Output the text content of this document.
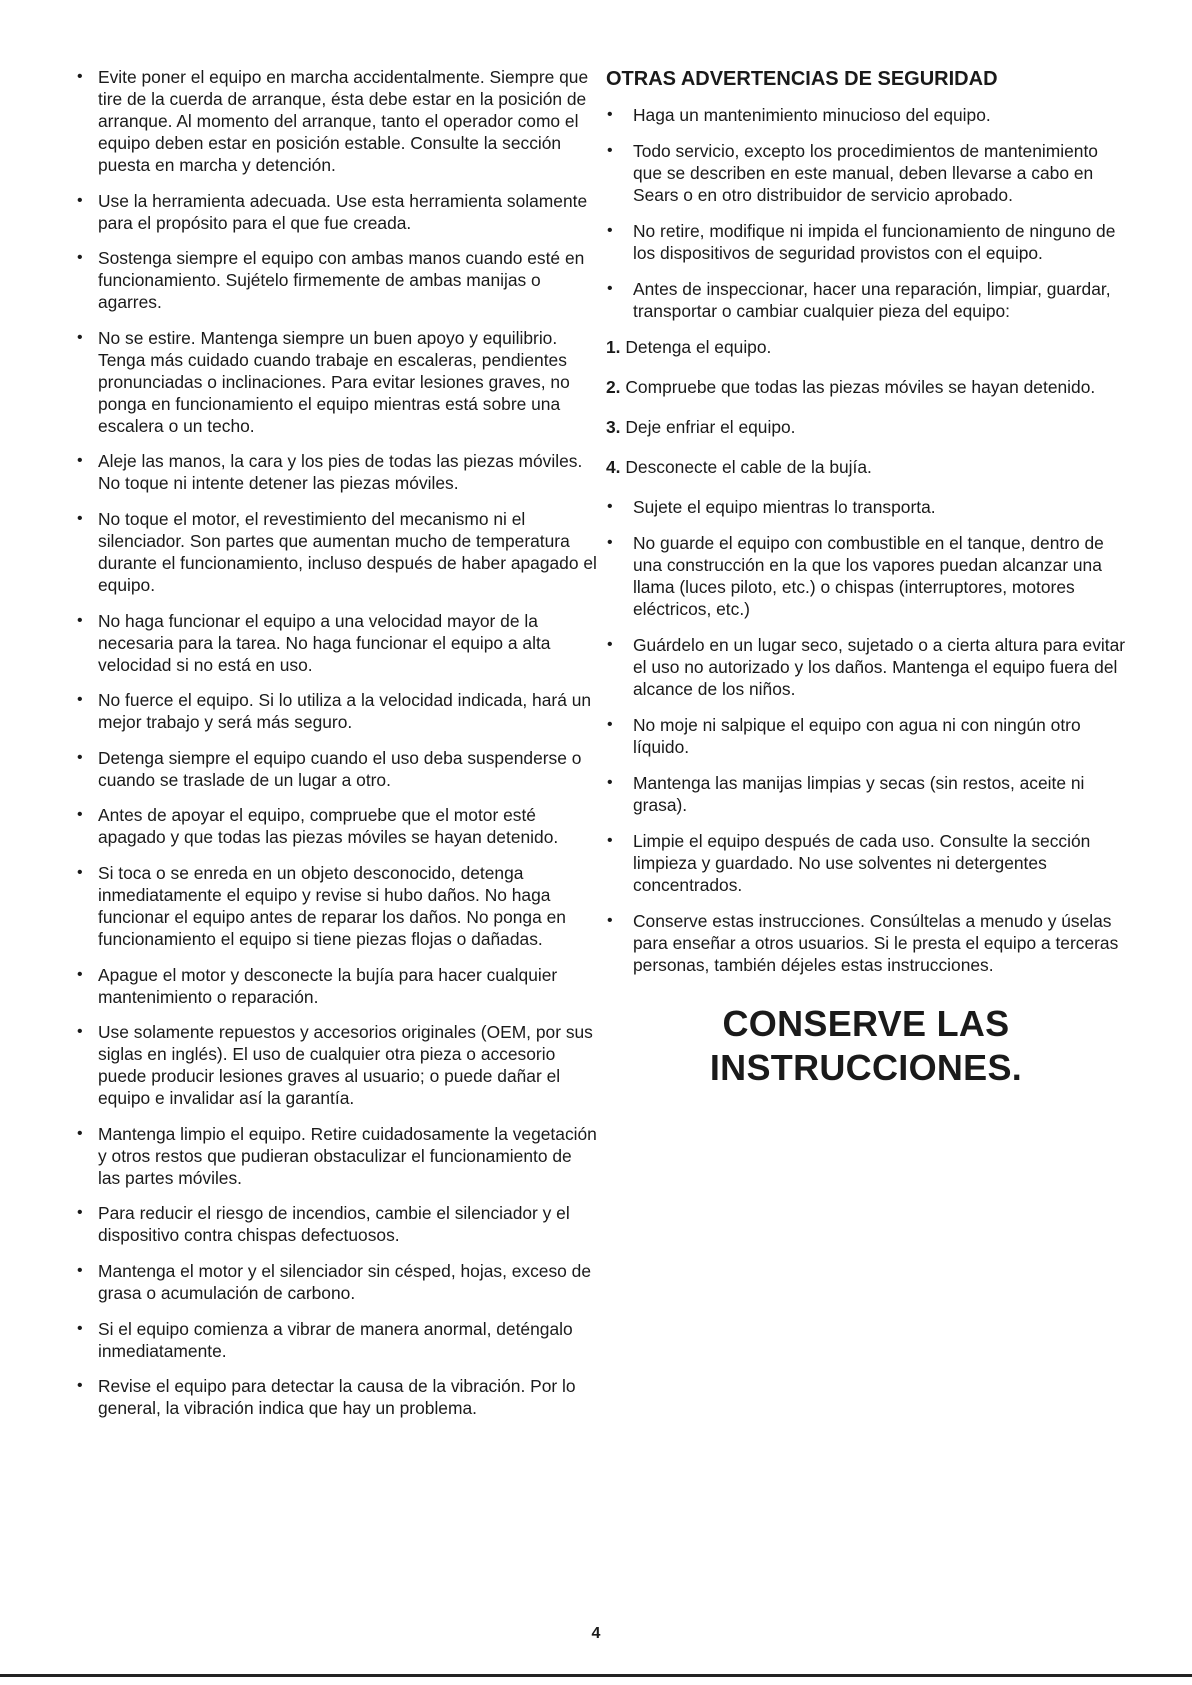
• Evite poner el equipo en marcha accidentalmente. Siempre que tire de la cuerda de arranque, ésta debe estar en la posición de arranque. Al momento del arranque, tanto el operador como el equipo deben estar en posición estable. Consulte la sección puesta en marcha y detención.
• Use la herramienta adecuada. Use esta herramienta solamente para el propósito para el que fue creada.
• Sostenga siempre el equipo con ambas manos cuando esté en funcionamiento. Sujételo firmemente de ambas manijas o agarres.
• No se estire. Mantenga siempre un buen apoyo y equilibrio. Tenga más cuidado cuando trabaje en escaleras, pendientes pronunciadas o inclinaciones. Para evitar lesiones graves, no ponga en funcionamiento el equipo mientras está sobre una escalera o un techo.
• Aleje las manos, la cara y los pies de todas las piezas móviles. No toque ni intente detener las piezas móviles.
• No toque el motor, el revestimiento del mecanismo ni el silenciador. Son partes que aumentan mucho de temperatura durante el funcionamiento, incluso después de haber apagado el equipo.
• No haga funcionar el equipo a una velocidad mayor de la necesaria para la tarea. No haga funcionar el equipo a alta velocidad si no está en uso.
• No fuerce el equipo. Si lo utiliza a la velocidad indicada, hará un mejor trabajo y será más seguro.
• Detenga siempre el equipo cuando el uso deba suspenderse o cuando se traslade de un lugar a otro.
• Antes de apoyar el equipo, compruebe que el motor esté apagado y que todas las piezas móviles se hayan detenido.
• Si toca o se enreda en un objeto desconocido, detenga inmediatamente el equipo y revise si hubo daños. No haga funcionar el equipo antes de reparar los daños. No ponga en funcionamiento el equipo si tiene piezas flojas o dañadas.
• Apague el motor y desconecte la bujía para hacer cualquier mantenimiento o reparación.
• Use solamente repuestos y accesorios originales (OEM, por sus siglas en inglés). El uso de cualquier otra pieza o accesorio puede producir lesiones graves al usuario; o puede dañar el equipo e invalidar así la garantía.
• Mantenga limpio el equipo. Retire cuidadosamente la vegetación y otros restos que pudieran obstaculizar el funcionamiento de las partes móviles.
• Para reducir el riesgo de incendios, cambie el silenciador y el dispositivo contra chispas defectuosos.
• Mantenga el motor y el silenciador sin césped, hojas, exceso de grasa o acumulación de carbono.
• Si el equipo comienza a vibrar de manera anormal, deténgalo inmediatamente.
• Revise el equipo para detectar la causa de la vibración. Por lo general, la vibración indica que hay un problema.
OTRAS ADVERTENCIAS DE SEGURIDAD
• Haga un mantenimiento minucioso del equipo.
• Todo servicio, excepto los procedimientos de mantenimiento que se describen en este manual, deben llevarse a cabo en Sears o en otro distribuidor de servicio aprobado.
• No retire, modifique ni impida el funcionamiento de ninguno de los dispositivos de seguridad provistos con el equipo.
• Antes de inspeccionar, hacer una reparación, limpiar, guardar, transportar o cambiar cualquier pieza del equipo:
1. Detenga el equipo.
2. Compruebe que todas las piezas móviles se hayan detenido.
3. Deje enfriar el equipo.
4. Desconecte el cable de la bujía.
• Sujete el equipo mientras lo transporta.
• No guarde el equipo con combustible en el tanque, dentro de una construcción en la que los vapores puedan alcanzar una llama (luces piloto, etc.) o chispas (interruptores, motores eléctricos, etc.)
• Guárdelo en un lugar seco, sujetado o a cierta altura para evitar el uso no autorizado y los daños. Mantenga el equipo fuera del alcance de los niños.
• No moje ni salpique el equipo con agua ni con ningún otro líquido.
• Mantenga las manijas limpias y secas (sin restos, aceite ni grasa).
• Limpie el equipo después de cada uso. Consulte la sección limpieza y guardado. No use solventes ni detergentes concentrados.
• Conserve estas instrucciones. Consúltelas a menudo y úselas para enseñar a otros usuarios. Si le presta el equipo a terceras personas, también déjeles estas instrucciones.
CONSERVE LAS
INSTRUCCIONES.
4
